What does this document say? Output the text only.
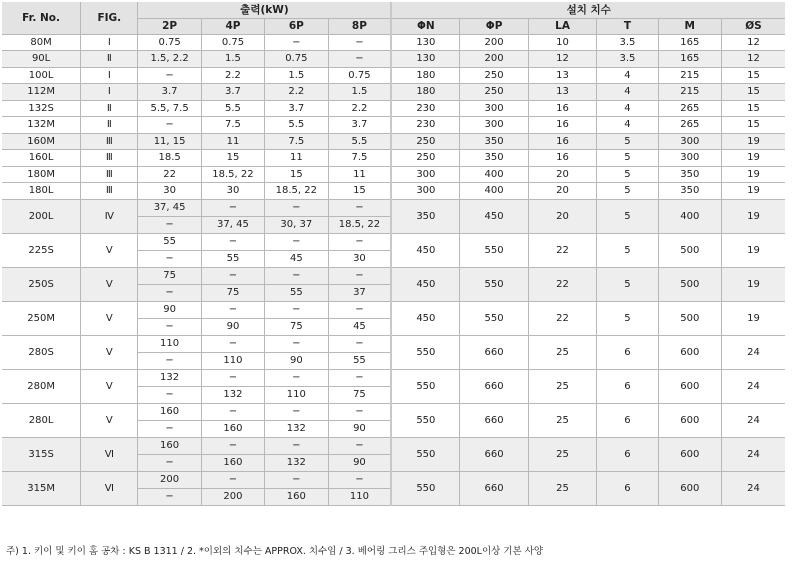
Fr. No.	FIG.	출력(kW)				설치 치수					
		2P	4P	6P	8P	ΦN	ΦP	LA	T	M	ØS
80M	Ⅰ	0.75	0.75	−	−	130	200	10	3.5	165	12
90L	Ⅱ	1.5, 2.2	1.5	0.75	−	130	200	12	3.5	165	12
100L	Ⅰ	−	2.2	1.5	0.75	180	250	13	4	215	15
112M	Ⅰ	3.7	3.7	2.2	1.5	180	250	13	4	215	15
132S	Ⅱ	5.5, 7.5	5.5	3.7	2.2	230	300	16	4	265	15
132M	Ⅱ	−	7.5	5.5	3.7	230	300	16	4	265	15
160M	Ⅲ	11, 15	11	7.5	5.5	250	350	16	5	300	19
160L	Ⅲ	18.5	15	11	7.5	250	350	16	5	300	19
180M	Ⅲ	22	18.5, 22	15	11	300	400	20	5	350	19
180L	Ⅲ	30	30	18.5, 22	15	300	400	20	5	350	19
200L	Ⅳ	37, 45	−	−	−	350	450	20	5	400	19
		−	37, 45	30, 37	18.5, 22						
225S	Ⅴ	55	−	−	−	450	550	22	5	500	19
		−	55	45	30						
250S	Ⅴ	75	−	−	−	450	550	22	5	500	19
		−	75	55	37						
250M	Ⅴ	90	−	−	−	450	550	22	5	500	19
		−	90	75	45						
280S	Ⅴ	110	−	−	−	550	660	25	6	600	24
		−	110	90	55						
280M	Ⅴ	132	−	−	−	550	660	25	6	600	24
		−	132	110	75						
280L	Ⅴ	160	−	−	−	550	660	25	6	600	24
		−	160	132	90						
315S	Ⅵ	160	−	−	−	550	660	25	6	600	24
		−	160	132	90						
315M	Ⅵ	200	−	−	−	550	660	25	6	600	24
		−	200	160	110						
주) 1. 키이 및 키이 홈 공차 : KS B 1311 / 2. *이외의 치수는 APPROX. 치수임 / 3. 베어링 그리스 주입형은 200L이상 기본 사양
